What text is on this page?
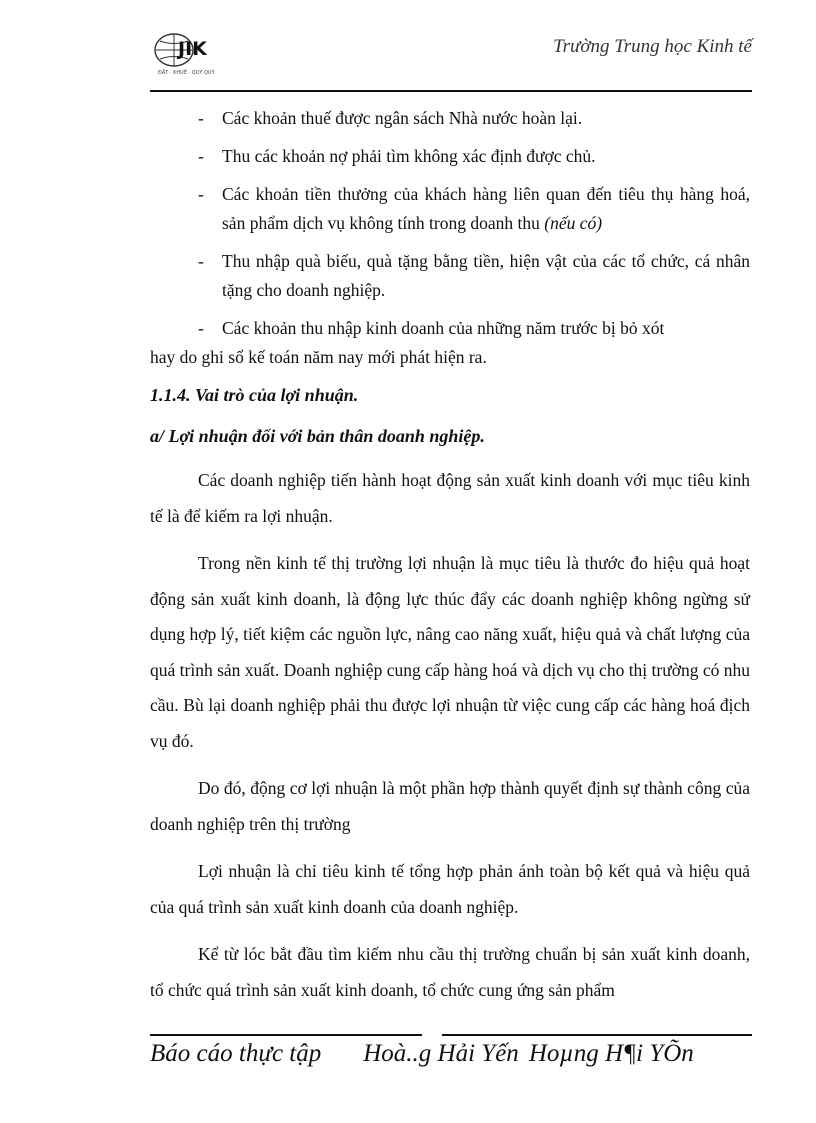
JIK
ĐẤT · KHUÊ · QUÝ QUỲ
Trường Trung học Kinh tế
- Các khoản thuế được ngân sách Nhà nước hoàn lại.
- Thu các khoản nợ phải tìm không xác định được chủ.
- Các khoản tiền thưởng của khách hàng liên quan đến tiêu thụ hàng hoá, sản phẩm dịch vụ không tính trong doanh thu (nếu có)
- Thu nhập quà biếu, quà tặng bằng tiền, hiện vật của các tổ chức, cá nhân tặng cho doanh nghiệp.
- Các khoản thu nhập kinh doanh của những năm trước bị bỏ xót
hay do ghi sổ kế toán năm nay mới phát hiện ra.

1.1.4. Vai trò của lợi nhuận.

a/ Lợi nhuận đối với bản thân doanh nghiệp.

Các doanh nghiệp tiến hành hoạt động sản xuất kinh doanh với mục tiêu kinh tế là để kiếm ra lợi nhuận.

Trong nền kinh tế thị trường lợi nhuận là mục tiêu là thước đo hiệu quả hoạt động sản xuất kinh doanh, là động lực thúc đẩy các doanh nghiệp không ngừng sử dụng hợp lý, tiết kiệm các nguồn lực, nâng cao năng xuất, hiệu quả và chất lượng của quá trình sản xuất. Doanh nghiệp cung cấp hàng hoá và dịch vụ cho thị trường có nhu cầu. Bù lại doanh nghiệp phải thu được lợi nhuận từ việc cung cấp các hàng hoá địch vụ đó.

Do đó, động cơ lợi nhuận là một phần hợp thành quyết định sự thành công của doanh nghiệp trên thị trường

Lợi nhuận là chỉ tiêu kinh tế tổng hợp phản ánh toàn bộ kết quả và hiệu quả của quá trình sản xuất kinh doanh của doanh nghiệp.

Kể từ lóc bắt đầu tìm kiếm nhu cầu thị trường chuẩn bị sản xuất kinh doanh, tổ chức quá trình sản xuất kinh doanh, tổ chức cung ứng sản phẩm

Báo cáo thực tập Hoà..g Hải Yến Hoµng H¶i YÕn
